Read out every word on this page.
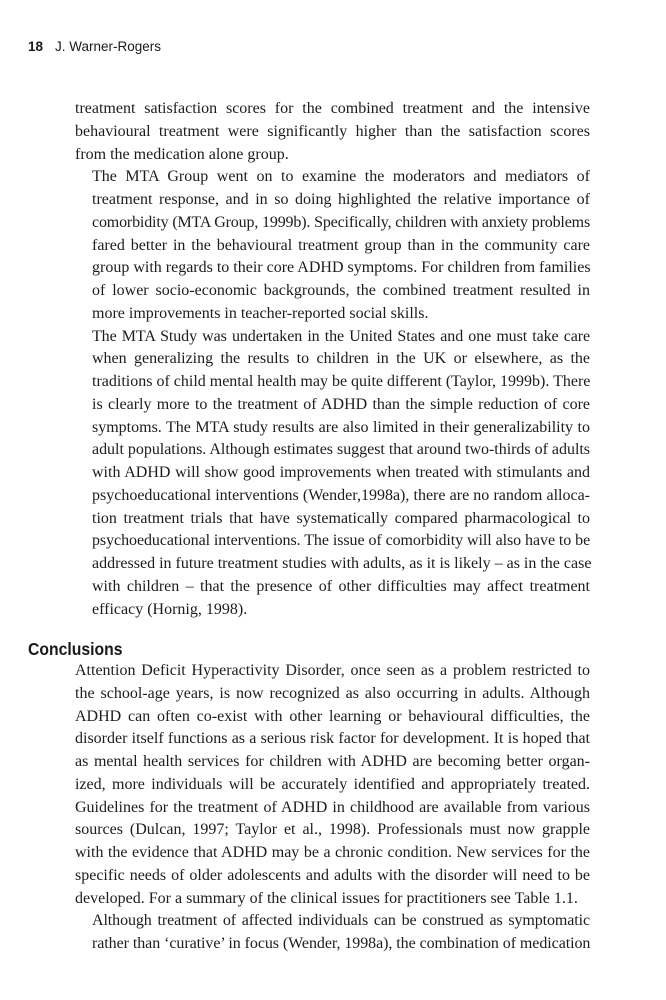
18 J. Warner-Rogers

treatment satisfaction scores for the combined treatment and the intensive
behavioural treatment were significantly higher than the satisfaction scores
from the medication alone group.

The MTA Group went on to examine the moderators and mediators of
treatment response, and in so doing highlighted the relative importance of
comorbidity (MTA Group, 1999b). Specifically, children with anxiety problems
fared better in the behavioural treatment group than in the community care
group with regards to their core ADHD symptoms. For children from families
of lower socio-economic backgrounds, the combined treatment resulted in
more improvements in teacher-reported social skills.

The MTA Study was undertaken in the United States and one must take care
when generalizing the results to children in the UK or elsewhere, as the
traditions of child mental health may be quite different (Taylor, 1999b). There
is clearly more to the treatment of ADHD than the simple reduction of core
symptoms. The MTA study results are also limited in their generalizability to
adult populations. Although estimates suggest that around two-thirds of adults
with ADHD will show good improvements when treated with stimulants and
psychoeducational interventions (Wender,1998a), there are no random alloca-
tion treatment trials that have systematically compared pharmacological to
psychoeducational interventions. The issue of comorbidity will also have to be
addressed in future treatment studies with adults, as it is likely – as in the case
with children – that the presence of other difficulties may affect treatment
efficacy (Hornig, 1998).

Conclusions

Attention Deficit Hyperactivity Disorder, once seen as a problem restricted to
the school-age years, is now recognized as also occurring in adults. Although
ADHD can often co-exist with other learning or behavioural difficulties, the
disorder itself functions as a serious risk factor for development. It is hoped that
as mental health services for children with ADHD are becoming better organ-
ized, more individuals will be accurately identified and appropriately treated.
Guidelines for the treatment of ADHD in childhood are available from various
sources (Dulcan, 1997; Taylor et al., 1998). Professionals must now grapple
with the evidence that ADHD may be a chronic condition. New services for the
specific needs of older adolescents and adults with the disorder will need to be
developed. For a summary of the clinical issues for practitioners see Table 1.1.

Although treatment of affected individuals can be construed as symptomatic
rather than ‘curative’ in focus (Wender, 1998a), the combination of medication
